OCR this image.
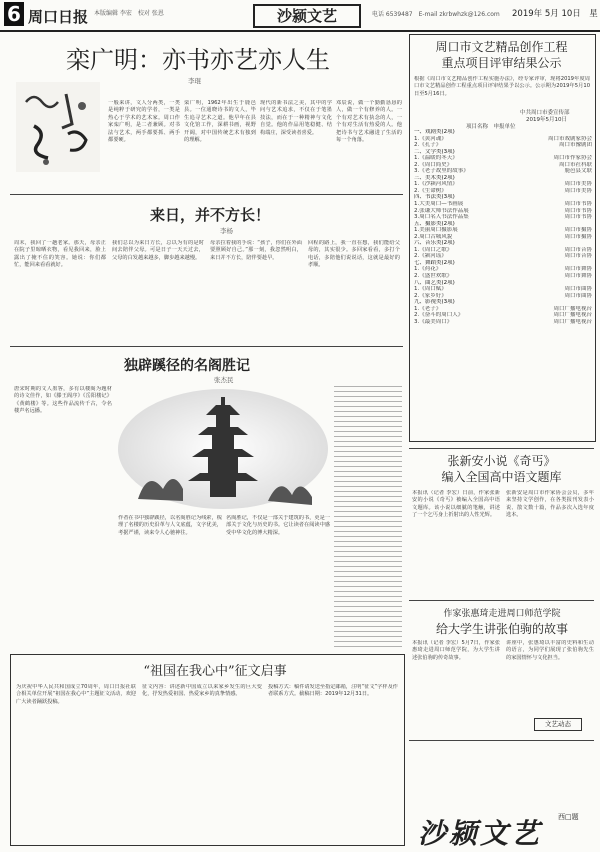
6 周口日报 本版编辑 李宏　校对 张恩	沙颍文艺	电话 6539487　E-mail zkrbwhzk@126.com 2019年 5月 10日　星
栾广明：亦书亦艺亦人生
李琨
一般来讲，文人分两类，一类是纯粹于研究的学者，一类是热心于学术的艺术家。周口作家栾广明，是二者兼顾。对书法与艺术，两手都要抓、两手都要硬。
栾广明，1962年出生于鹿邑县。一位通晓诗书的文人，毕生追寻艺术之道。他早年在县文化馆工作，深耕书画，视野开阔，对中国传统艺术有独到的理解。
现代的新书法之美，其中的学问与艺术追求，不仅在于笔墨技法，而在于一种精神与文化自觉。他的作品用笔稳健、结构端庄，深受读者喜爱。
邓辰说，做一个勤勤恳恳的人，做一个有修养的人。一个有对艺术有执念的人，一个有对生活有热爱的人。他把诗书与艺术融进了生活的每一个角落。
来日，并不方长！
李杨
周末，我回了一趟老家。那天，母亲正在院子里晾晒衣物，看见我回来，脸上露出了掩不住的笑容。她说：你们都忙，能回来看看就好。
我们总以为来日方长，总以为有的是时间去陪伴父母。可是日子一天天过去，父母的白发越来越多，脚步越来越慢。
母亲拉着我的手说：“孩子，你们在外面要照顾好自己。”那一刻，我忽然明白，来日并不方长，陪伴要趁早。
回程的路上，我一直在想，我们能给父母的，其实很少。多回家看看，多打个电话，多陪他们说说话，这就是最好的孝顺。
独辟蹊径的名阁胜记
张杰民
唐宋时期的文人墨客，多有以楼阁为题材的诗文佳作，如《滕王阁序》《岳阳楼记》《黄鹤楼》等。这些作品流传千古，令名楼声名远播。
作者在书中独辟蹊径，以名阁胜记为线索，梳理了名楼的历史沿革与人文底蕴，文字优美，考据严谨，读来令人心驰神往。
名阁胜记，不仅是一部关于建筑的书，更是一部关于文化与历史的书。它让读者在阅读中感受中华文化的博大精深。
周口市文艺精品创作工程
重点项目评审结果公示
根据《周口市文艺精品创作工程实施办法》，经专家评审，现将2019年度周口市文艺精品创作工程重点项目评审结果予以公示。公示期为2019年5月10日至5月16日。
中共周口市委宣传部
2019年5月10日
项目名称　申报单位
一、戏剧类(2项)
1.《黄河魂》	周口市戏剧家协会
2.《孔子》	周口市豫剧团
二、文学类(3项)
1.《温暖的冬天》	周口市作家协会
2.《周口简史》	周口市社科联
3.《老子故里的故事》	鹿邑县文联
三、美术类(2项)
1.《沙颍河风情》	周口市美协
2.《生命树》	周口市美协
四、书法类(3项)
1.大美周口—书画展	周口市书协
2.张谦大师书法作品展	周口市书协
3.周口名人书法作品集	周口市书协
五、摄影类(2项)
1.美丽周口摄影展	周口市摄协
2.周口古城风貌	周口市摄协
六、音乐类(2项)
1.《周口之歌》	周口市音协
2.《颍河谣》	周口市音协
七、舞蹈类(2项)
1.《荷花》	周口市舞协
2.《盛世欢歌》	周口市舞协
八、曲艺类(2项)
1.《周口赋》	周口市曲协
2.《家乡好》	周口市曲协
九、影视类(3项)
1.《老子》	周口广播电视台
2.《奋斗的周口人》	周口广播电视台
3.《最美周口》	周口广播电视台
张新安小说《奇丐》
编入全国高中语文题库
本报讯（记者 李宏）日前，作家张新安的小说《奇丐》被编入全国高中语文题库。该小说以细腻的笔触，讲述了一个乞丐身上折射出的人性光辉。
张新安是周口市作家协会会员，多年来坚持文学创作，在各类报刊发表小说、散文数十篇，作品多次入选年度选本。
作家张惠琦走进周口师范学院
给大学生讲张伯驹的故事
本报讯（记者 李宏）5月7日，作家张惠琦走进周口师范学院，为大学生讲述张伯驹的传奇故事。
讲座中，张惠琦以丰富的史料和生动的语言，为同学们展现了张伯驹先生的家国情怀与文化担当。
文艺动态
“祖国在我心中”征文启事
为庆祝中华人民共和国成立70周年，周口日报社联合相关单位开展“祖国在我心中”主题征文活动，欢迎广大读者踊跃投稿。
征文内容：讲述新中国成立以来家乡发生的巨大变化，抒发热爱祖国、热爱家乡的真挚情感。
投稿方式：稿件请发送至指定邮箱，注明“征文”字样及作者联系方式。截稿日期：2019年12月31日。
沙颍文艺 西□题
